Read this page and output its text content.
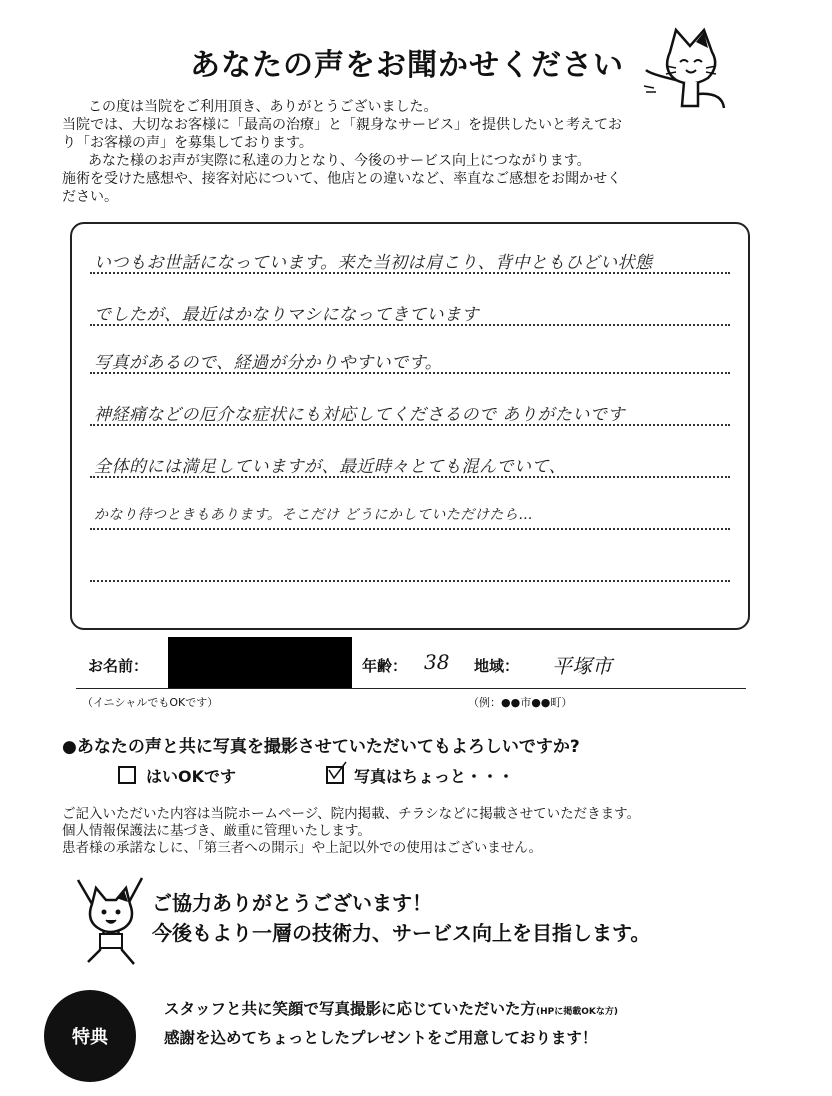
あなたの声をお聞かせください

この度は当院をご利用頂き、ありがとうございました。

当院では、大切なお客様に「最高の治療」と「親身なサービス」を提供したいと考えてお

り「お客様の声」を募集しております。

あなた様のお声が実際に私達の力となり、今後のサービス向上につながります。

施術を受けた感想や、接客対応について、他店との違いなど、率直なご感想をお聞かせく

ださい。

いつもお世話になっています。来た当初は肩こり、背中ともひどい状態
でしたが、最近はかなりマシになってきています
写真があるので、経過が分かりやすいです。
神経痛などの厄介な症状にも対応してくださるので ありがたいです
全体的には満足していますが、最近時々とても混んでいて、
かなり待つときもあります。そこだけ どうにかしていただけたら…
お名前：	年齢： 38 地域： 平塚市
（イニシャルでもOKです）	（例：●●市●●町）
●あなたの声と共に写真を撮影させていただいてもよろしいですか?
はいOKです	写真はちょっと・・・

ご記入いただいた内容は当院ホームページ、院内掲載、チラシなどに掲載させていただきます。

個人情報保護法に基づき、厳重に管理いたします。

患者様の承諾なしに、「第三者への開示」や上記以外での使用はございません。

ご協力ありがとうございます！

今後もより一層の技術力、サービス向上を目指します。

特典

スタッフと共に笑顔で写真撮影に応じていただいた方(HPに掲載OKな方)

感謝を込めてちょっとしたプレゼントをご用意しております！
